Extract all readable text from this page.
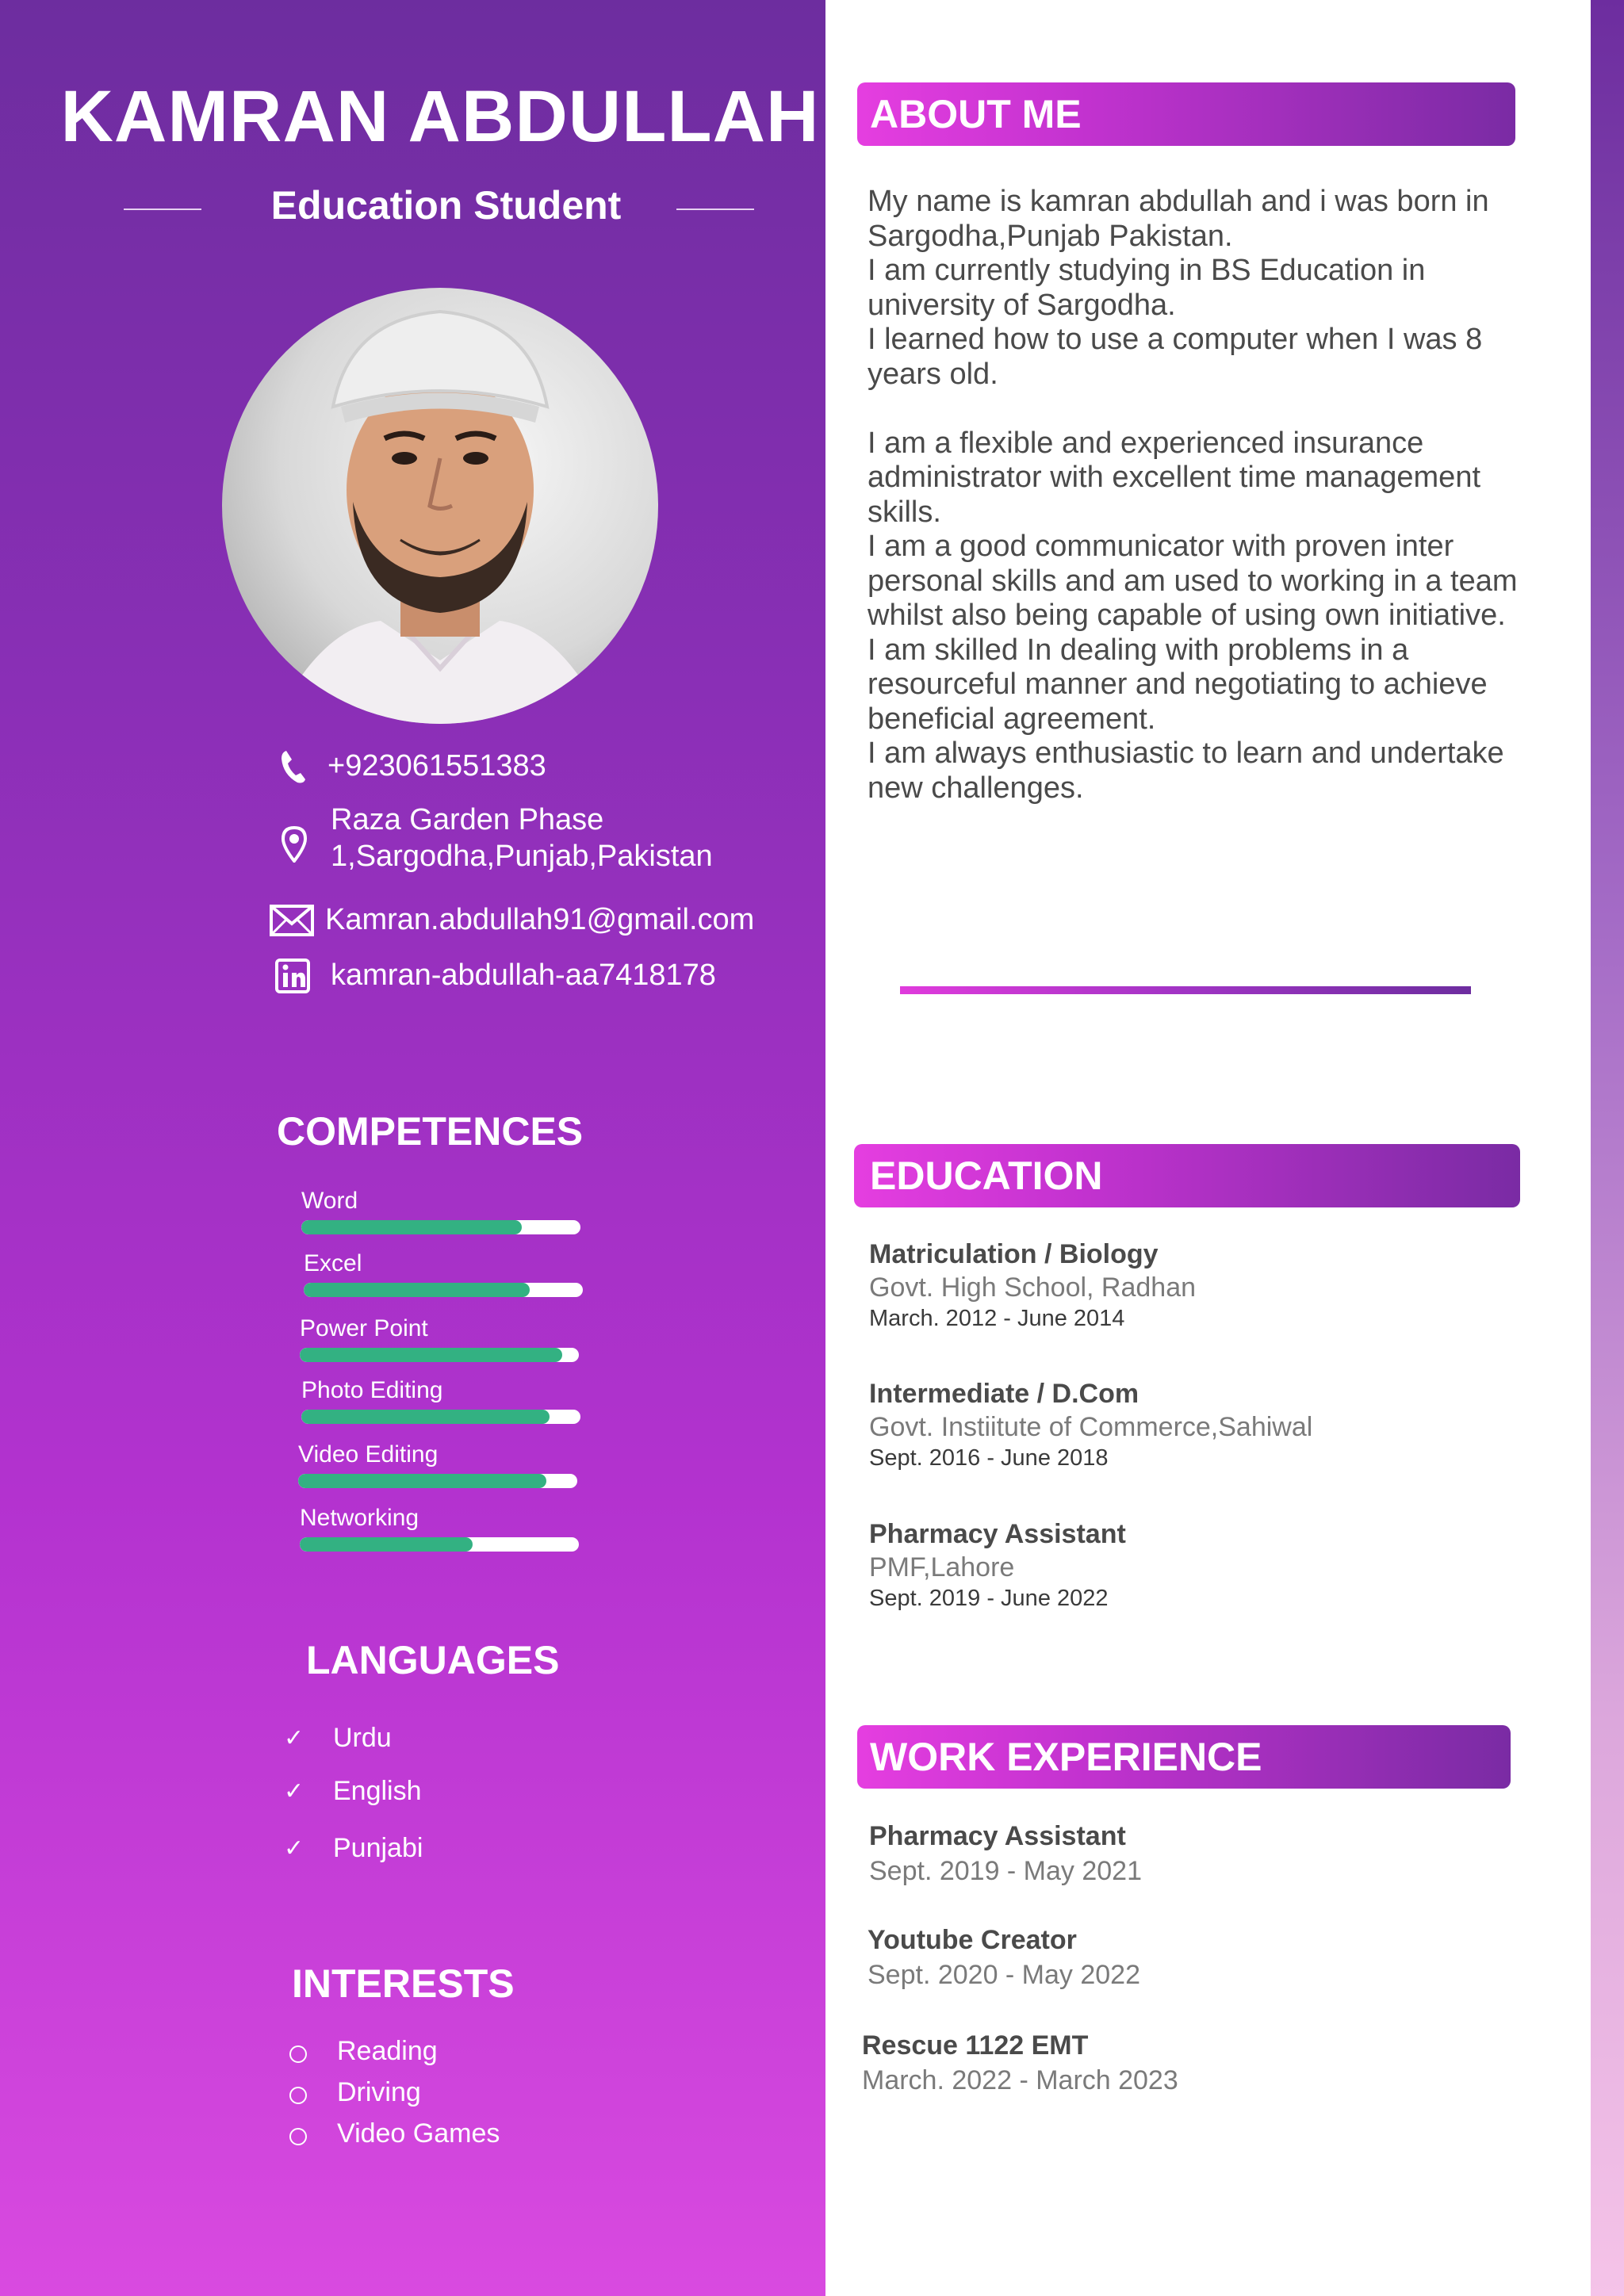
KAMRAN ABDULLAH
Education Student
+923061551383
Raza Garden Phase
1,Sargodha,Punjab,Pakistan
Kamran.abdullah91@gmail.com
kamran-abdullah-aa7418178
COMPETENCES
Word
Excel
Power Point
Photo Editing
Video Editing
Networking
LANGUAGES
✓	Urdu
✓	English
✓	Punjabi
INTERESTS
Reading
Driving
Video Games
ABOUT ME

My name is kamran abdullah and i was born in

Sargodha,Punjab Pakistan.

I am currently studying in BS Education in

university of Sargodha.

I learned how to use a computer when I was 8

years old.

I am a flexible and experienced insurance

administrator with excellent time management

skills.

I am a good communicator with proven inter

personal skills and am used to working in a team

whilst also being capable of using own initiative.

I am skilled In dealing with problems in a

resourceful manner and negotiating to achieve

beneficial agreement.

I am always enthusiastic to learn and undertake

new challenges.

EDUCATION
Matriculation / Biology
Govt. High School, Radhan
March. 2012 - June 2014
Intermediate / D.Com
Govt. Instiitute of Commerce,Sahiwal
Sept. 2016 - June 2018
Pharmacy Assistant
PMF,Lahore
Sept. 2019 - June 2022
WORK EXPERIENCE
Pharmacy Assistant
Sept. 2019 - May 2021
Youtube Creator
Sept. 2020 - May 2022
Rescue 1122 EMT
March. 2022 - March 2023
